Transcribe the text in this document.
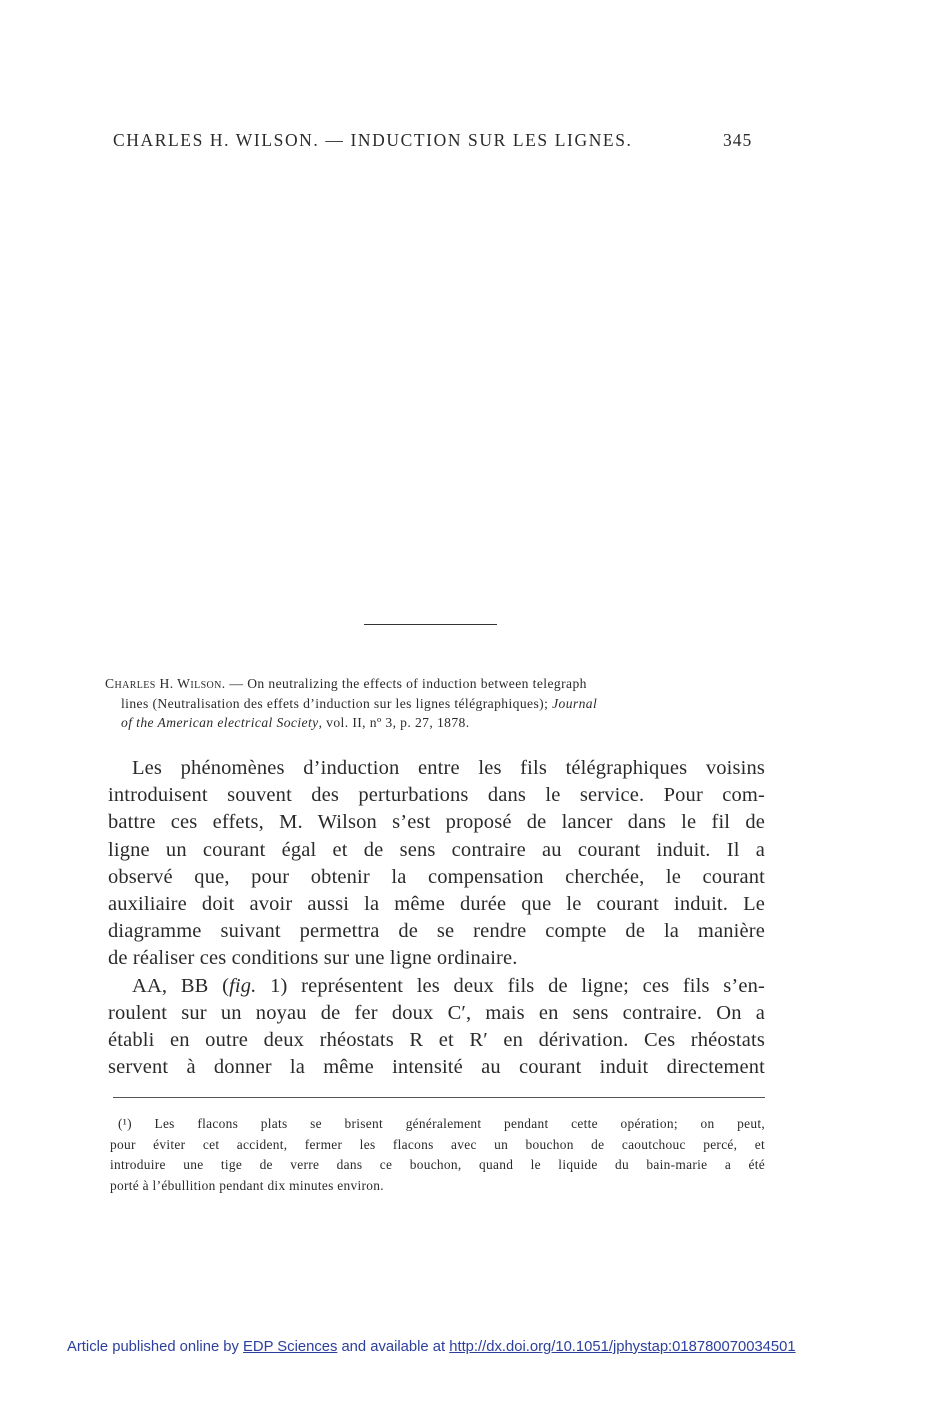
CHARLES H. WILSON. — INDUCTION SUR LES LIGNES.	345
Charles H. Wilson. — On neutralizing the effects of induction between telegraph
lines (Neutralisation des effets d’induction sur les lignes télégraphiques); Journal
of the American electrical Society, vol. II, nº 3, p. 27, 1878.
Les phénomènes d’induction entre les fils télégraphiques voisins
introduisent souvent des perturbations dans le service. Pour com-
battre ces effets, M. Wilson s’est proposé de lancer dans le fil de
ligne un courant égal et de sens contraire au courant induit. Il a
observé que, pour obtenir la compensation cherchée, le courant
auxiliaire doit avoir aussi la même durée que le courant induit. Le
diagramme suivant permettra de se rendre compte de la manière
de réaliser ces conditions sur une ligne ordinaire.
AA, BB (fig. 1) représentent les deux fils de ligne; ces fils s’en-
roulent sur un noyau de fer doux C′, mais en sens contraire. On a
établi en outre deux rhéostats R et R′ en dérivation. Ces rhéostats
servent à donner la même intensité au courant induit directement
(¹) Les flacons plats se brisent généralement pendant cette opération; on peut,
pour éviter cet accident, fermer les flacons avec un bouchon de caoutchouc percé, et
introduire une tige de verre dans ce bouchon, quand le liquide du bain-marie a été
porté à l’ébullition pendant dix minutes environ.
Article published online by EDP Sciences and available at http://dx.doi.org/10.1051/jphystap:018780070034501
